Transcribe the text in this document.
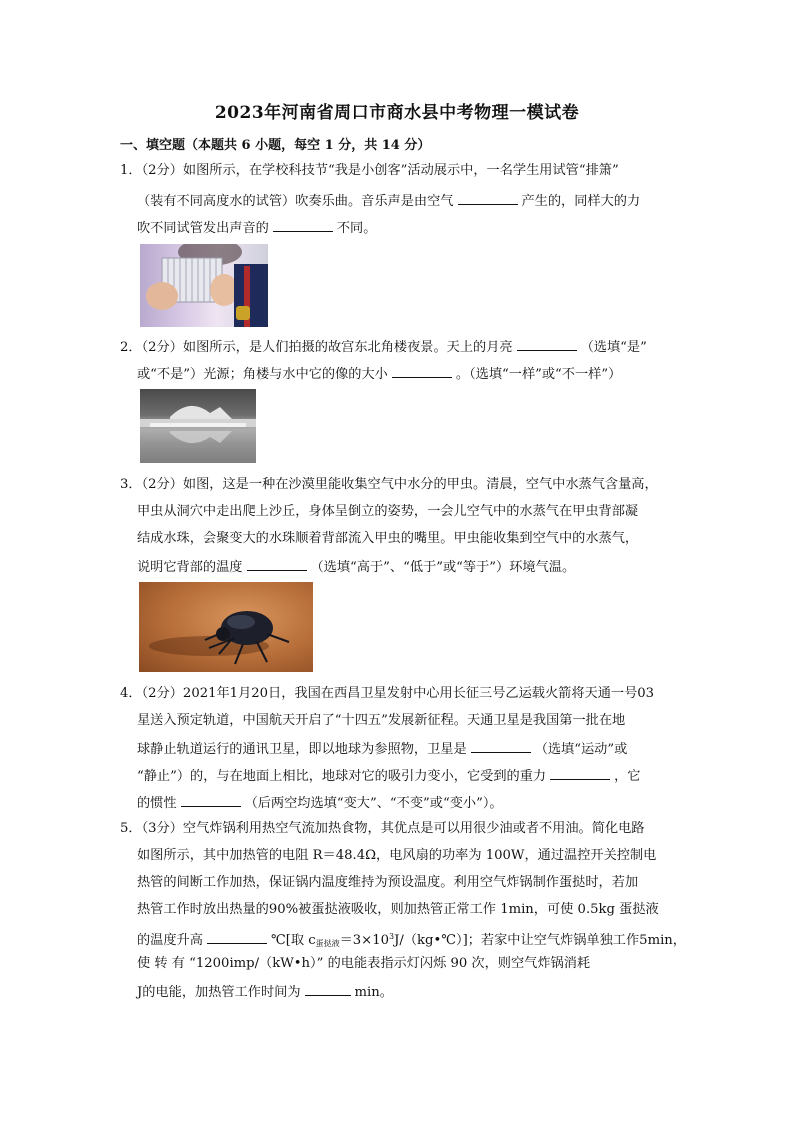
2023年河南省周口市商水县中考物理一模试卷
一、填空题（本题共 6 小题，每空 1 分，共 14 分）
1．（2分）如图所示，在学校科技节“我是小创客”活动展示中，一名学生用试管“排箫”
（装有不同高度水的试管）吹奏乐曲。音乐声是由空气	产生的，同样大的力
吹不同试管发出声音的	不同。
2．（2分）如图所示，是人们拍摄的故宫东北角楼夜景。天上的月亮	（选填“是”
或“不是”）光源；角楼与水中它的像的大小	。（选填“一样”或“不一样”）
3．（2分）如图，这是一种在沙漠里能收集空气中水分的甲虫。清晨，空气中水蒸气含量高，
甲虫从洞穴中走出爬上沙丘，身体呈倒立的姿势，一会儿空气中的水蒸气在甲虫背部凝
结成水珠，会聚变大的水珠顺着背部流入甲虫的嘴里。甲虫能收集到空气中的水蒸气，
说明它背部的温度	（选填“高于”、“低于”或“等于”）环境气温。
4．（2分）2021年1月20日，我国在西昌卫星发射中心用长征三号乙运载火箭将天通一号03
星送入预定轨道，中国航天开启了“十四五”发展新征程。天通卫星是我国第一批在地
球静止轨道运行的通讯卫星，即以地球为参照物，卫星是	（选填“运动”或
“静止”）的，与在地面上相比，地球对它的吸引力变小，它受到的重力	，它
的惯性	（后两空均选填“变大”、“不变”或“变小”）。
5．（3分）空气炸锅利用热空气流加热食物，其优点是可以用很少油或者不用油。简化电路
如图所示，其中加热管的电阻 R＝48.4Ω，电风扇的功率为 100W，通过温控开关控制电
热管的间断工作加热，保证锅内温度维持为预设温度。利用空气炸锅制作蛋挞时，若加
热管工作时放出热量的90%被蛋挞液吸收，则加热管正常工作 1min，可使 0.5kg 蛋挞液
的温度升高	℃[取 $c_{蛋挞液}=3\times 10^3J/(kg•℃)$]；若家中让空气炸锅单独工作5min，
使 转 有 “1200imp/（kW•h）” 的电能表指示灯闪烁 90 次，则空气炸锅消耗
J的电能，加热管工作时间为	min。
